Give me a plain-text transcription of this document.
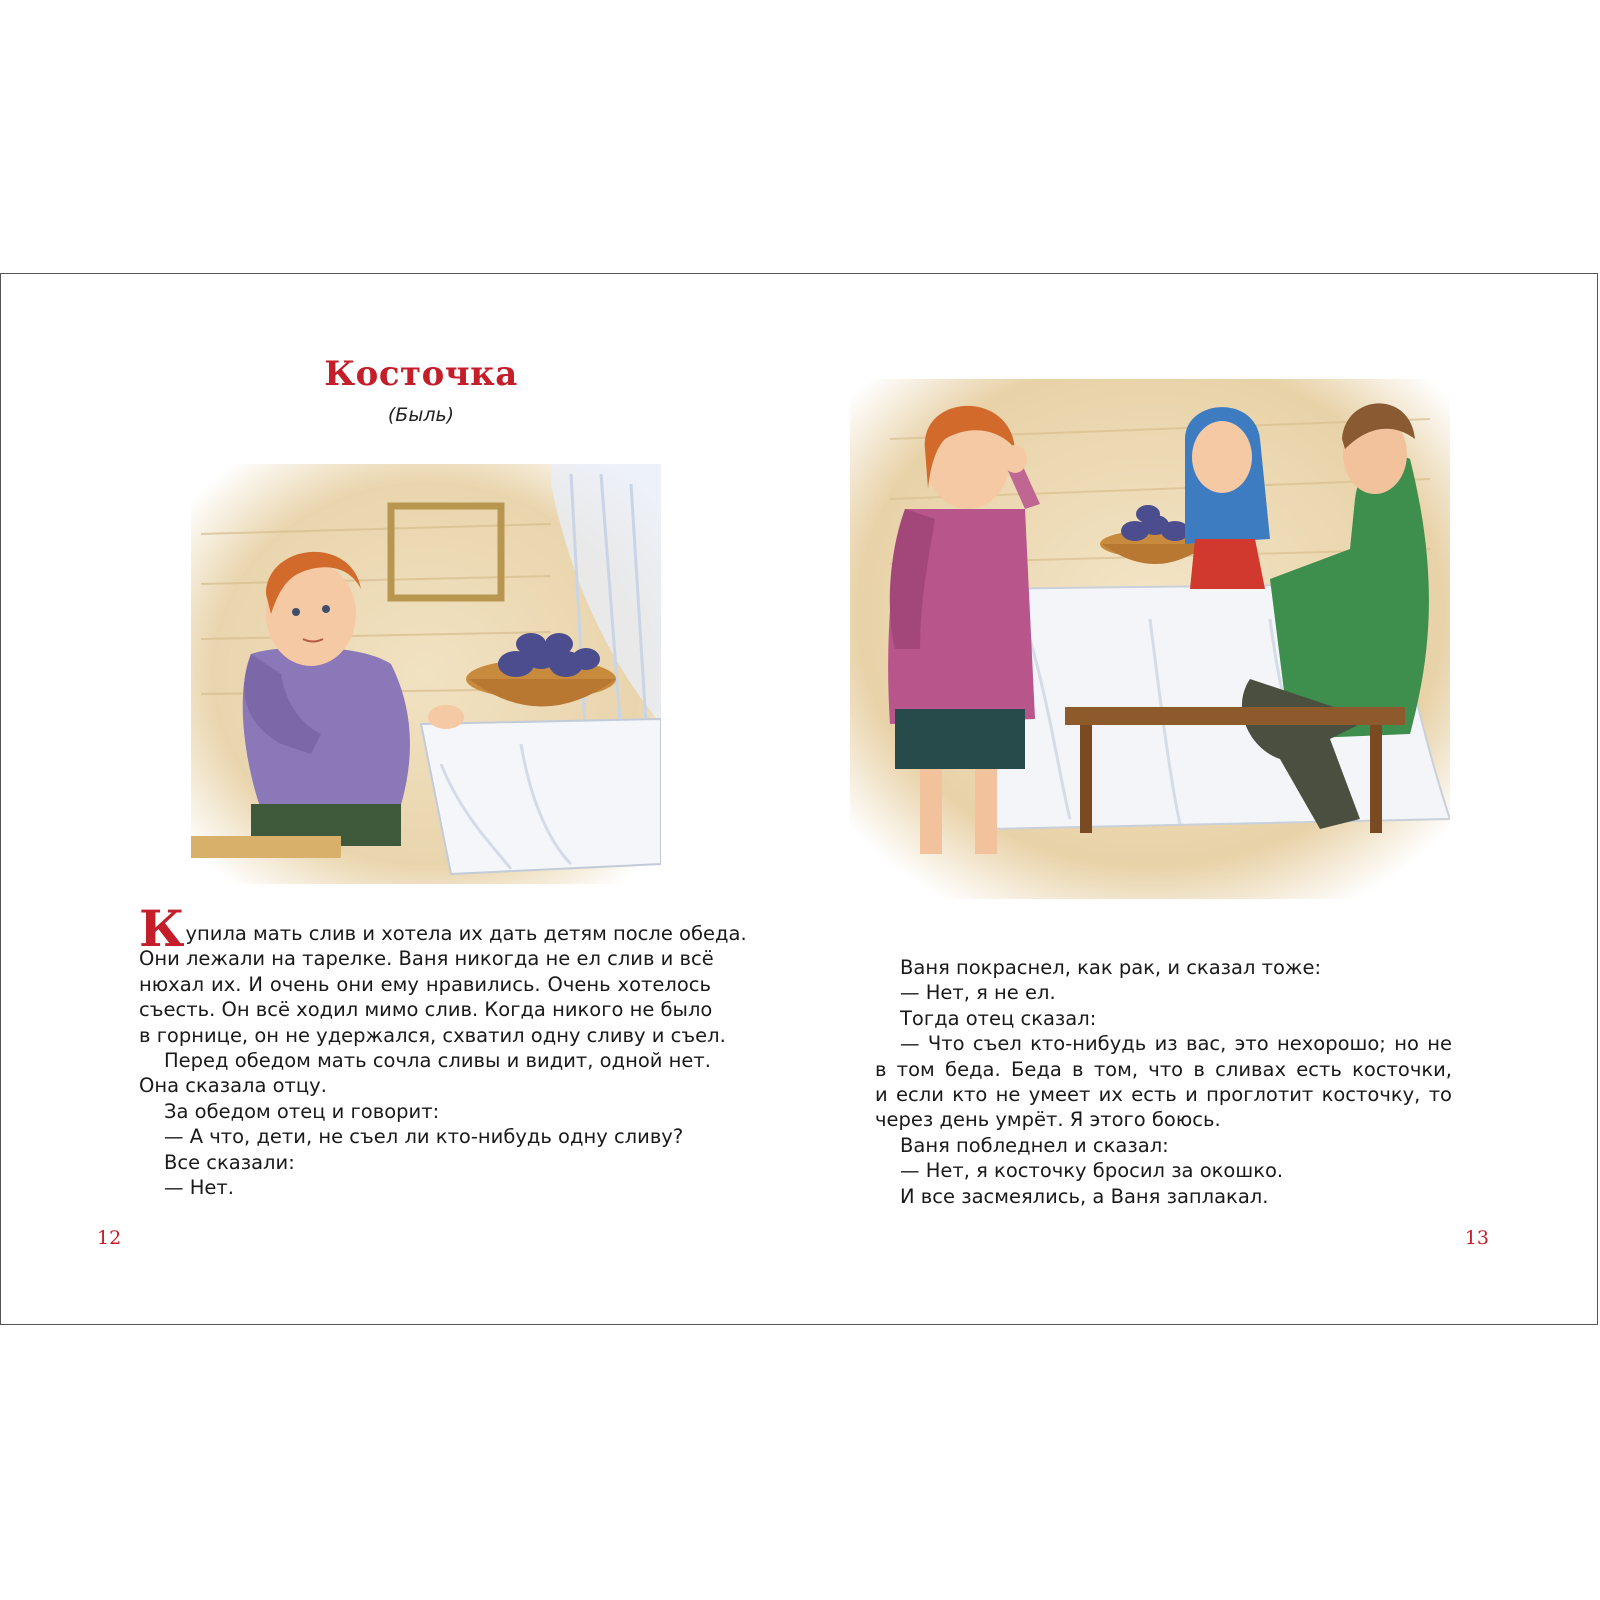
Косточка
(Быль)
Купила мать слив и хотела их дать детям после обеда.
Они лежали на тарелке. Ваня никогда не ел слив и всё
нюхал их. И очень они ему нравились. Очень хотелось
съесть. Он всё ходил мимо слив. Когда никого не было
в горнице, он не удержался, схватил одну сливу и съел.
Перед обедом мать сочла сливы и видит, одной нет.
Она сказала отцу.
За обедом отец и говорит:
— А что, дети, не съел ли кто-нибудь одну сливу?
Все сказали:
— Нет.
12
Ваня покраснел, как рак, и сказал тоже:
— Нет, я не ел.
Тогда отец сказал:
— Что съел кто-нибудь из вас, это нехорошо; но не
в том беда. Беда в том, что в сливах есть косточки,
и если кто не умеет их есть и проглотит косточку, то
через день умрёт. Я этого боюсь.
Ваня побледнел и сказал:
— Нет, я косточку бросил за окошко.
И все засмеялись, а Ваня заплакал.
13
